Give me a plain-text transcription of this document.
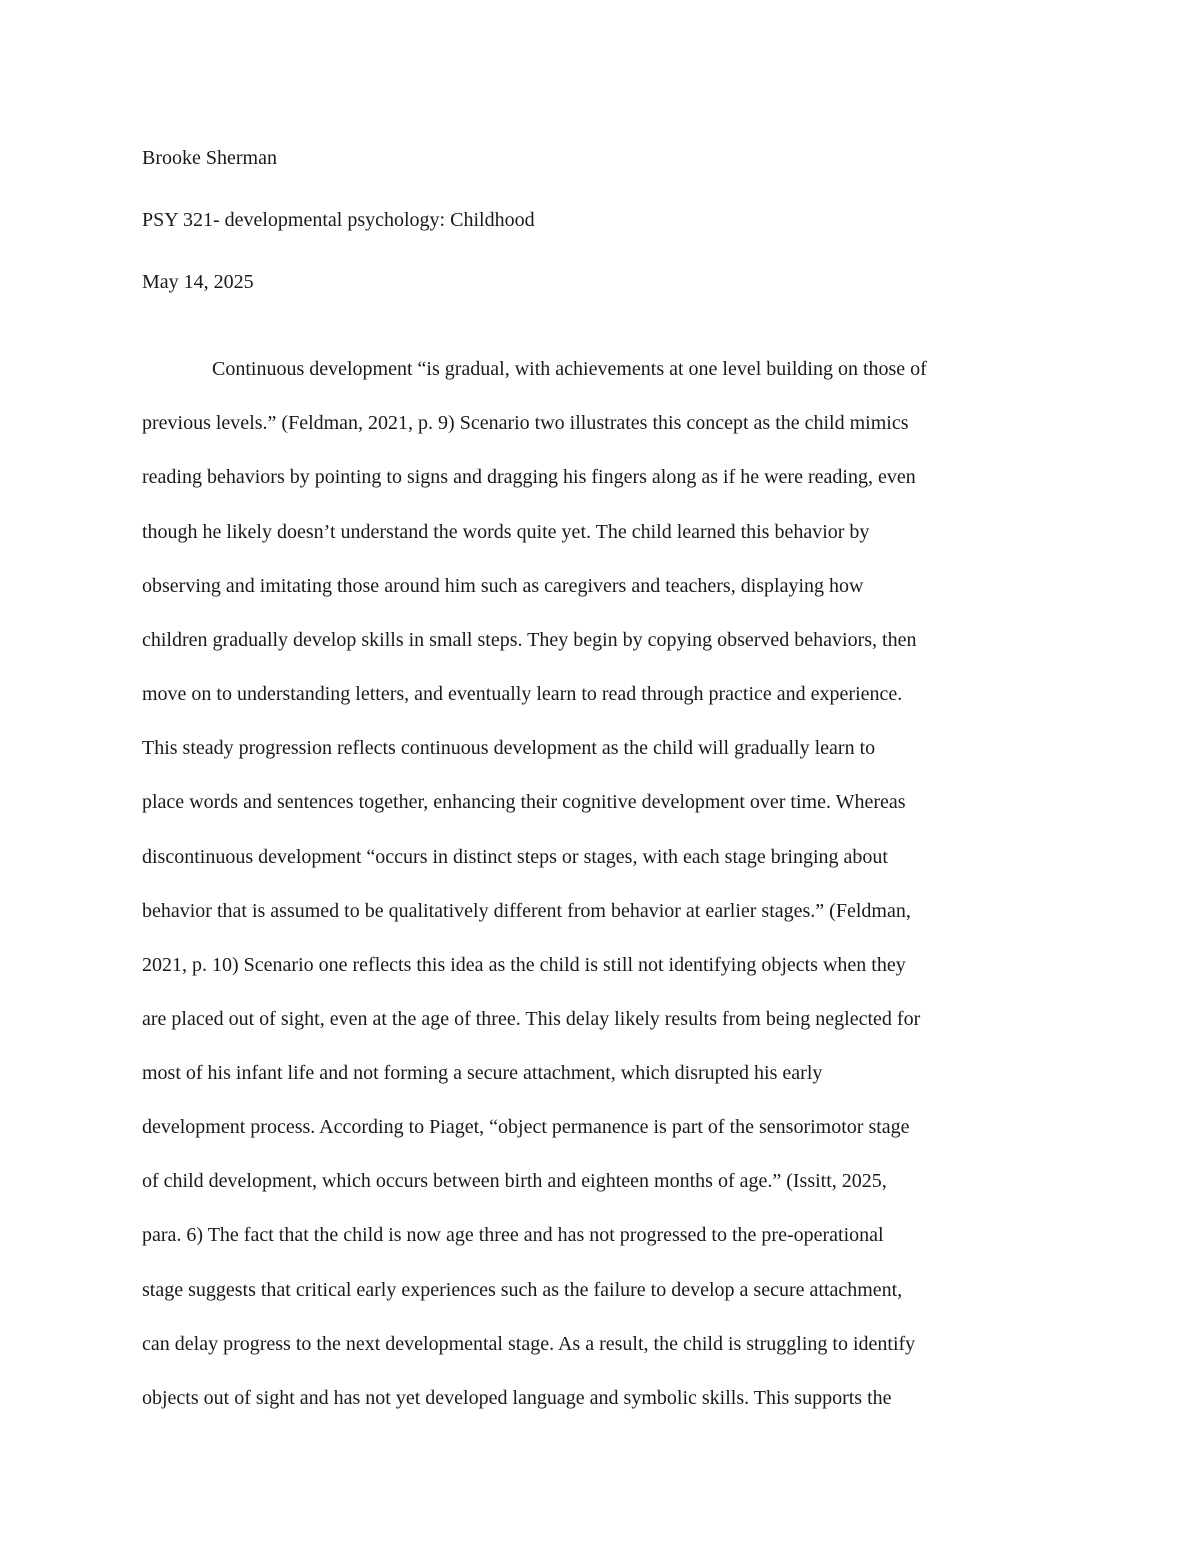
Brooke Sherman
PSY 321- developmental psychology: Childhood
May 14, 2025
Continuous development “is gradual, with achievements at one level building on those of
previous levels.” (Feldman, 2021, p. 9) Scenario two illustrates this concept as the child mimics
reading behaviors by pointing to signs and dragging his fingers along as if he were reading, even
though he likely doesn’t understand the words quite yet. The child learned this behavior by
observing and imitating those around him such as caregivers and teachers, displaying how
children gradually develop skills in small steps. They begin by copying observed behaviors, then
move on to understanding letters, and eventually learn to read through practice and experience.
This steady progression reflects continuous development as the child will gradually learn to
place words and sentences together, enhancing their cognitive development over time. Whereas
discontinuous development “occurs in distinct steps or stages, with each stage bringing about
behavior that is assumed to be qualitatively different from behavior at earlier stages.” (Feldman,
2021, p. 10) Scenario one reflects this idea as the child is still not identifying objects when they
are placed out of sight, even at the age of three. This delay likely results from being neglected for
most of his infant life and not forming a secure attachment, which disrupted his early
development process. According to Piaget, “object permanence is part of the sensorimotor stage
of child development, which occurs between birth and eighteen months of age.” (Issitt, 2025,
para. 6) The fact that the child is now age three and has not progressed to the pre-operational
stage suggests that critical early experiences such as the failure to develop a secure attachment,
can delay progress to the next developmental stage. As a result, the child is struggling to identify
objects out of sight and has not yet developed language and symbolic skills. This supports the
